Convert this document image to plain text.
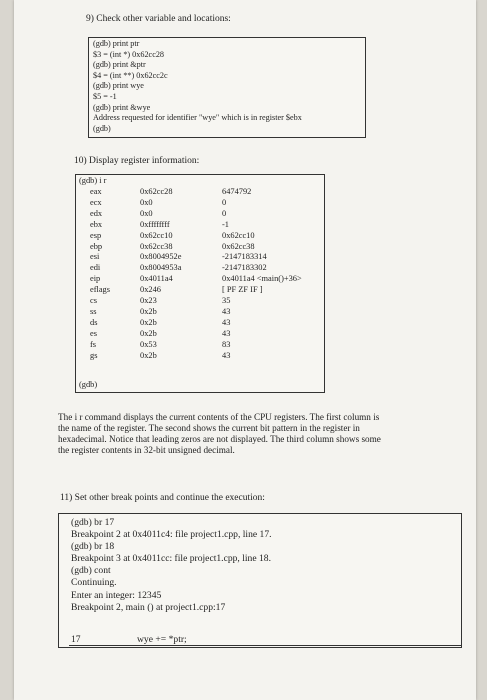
9) Check other variable and locations:
(gdb) print ptr
$3 = (int *) 0x62cc28
(gdb) print &ptr
$4 = (int **) 0x62cc2c
(gdb) print wye
$5 = -1
(gdb) print &wye
Address requested for identifier "wye" which is in register $ebx
(gdb)
10) Display register information:
(gdb) i r
eax	0x62cc28	6474792
ecx	0x0	0
edx	0x0	0
ebx	0xffffffff	-1
esp	0x62cc10	0x62cc10
ebp	0x62cc38	0x62cc38
esi	0x8004952e	-2147183314
edi	0x8004953a	-2147183302
eip	0x4011a4	0x4011a4 <main()+36>
eflags	0x246	[ PF ZF IF ]
cs	0x23	35
ss	0x2b	43
ds	0x2b	43
es	0x2b	43
fs	0x53	83
gs	0x2b	43
(gdb)
The i r command displays the current contents of the CPU registers. The first column is
the name of the register. The second shows the current bit pattern in the register in
hexadecimal. Notice that leading zeros are not displayed. The third column shows some
the register contents in 32-bit unsigned decimal.
11) Set other break points and continue the execution:
(gdb) br 17
Breakpoint 2 at 0x4011c4: file project1.cpp, line 17.
(gdb) br 18
Breakpoint 3 at 0x4011cc: file project1.cpp, line 18.
(gdb) cont
Continuing.
Enter an integer: 12345
Breakpoint 2, main () at project1.cpp:17
17	wye += *ptr;
